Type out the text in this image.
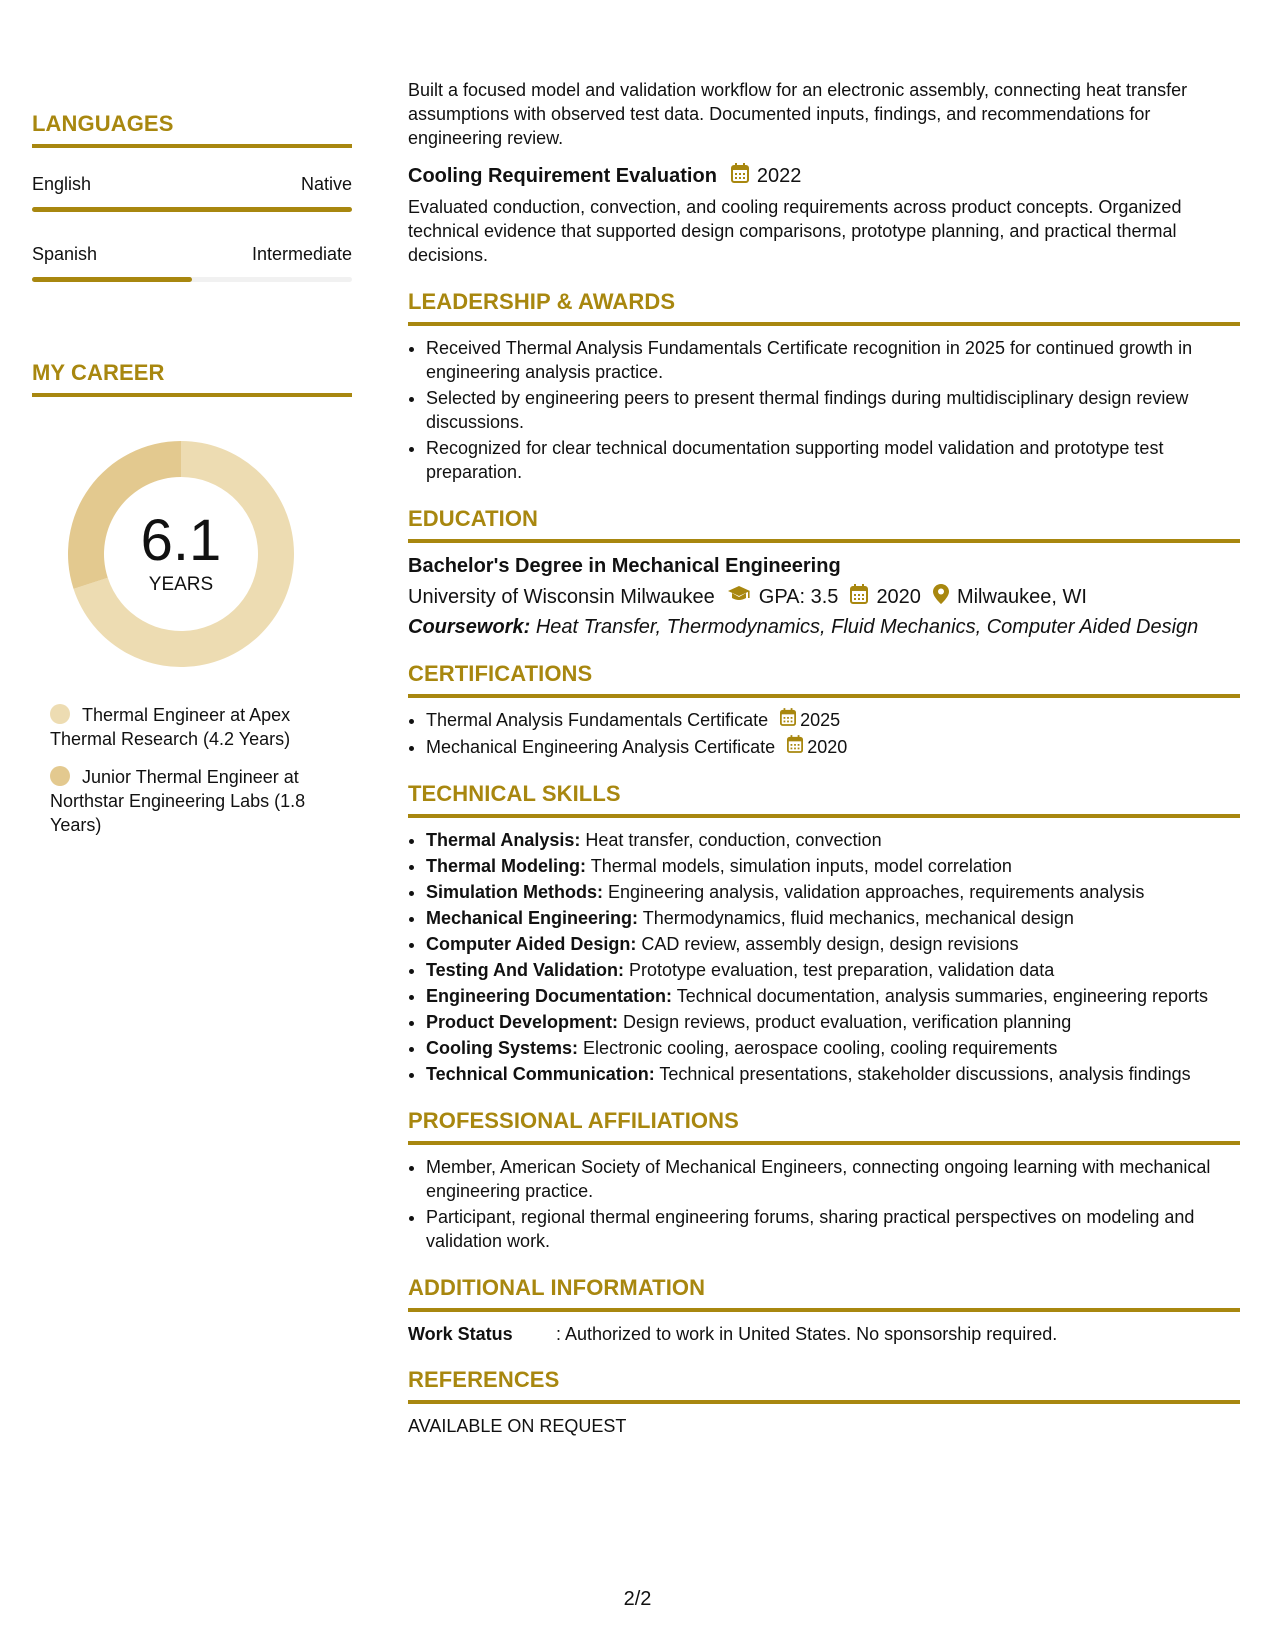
LANGUAGES
English	Native
Spanish	Intermediate
MY CAREER
6.1
YEARS
Thermal Engineer at Apex Thermal Research (4.2 Years)
Junior Thermal Engineer at Northstar Engineering Labs (1.8 Years)

Built a focused model and validation workflow for an electronic assembly, connecting heat transfer assumptions with observed test data. Documented inputs, findings, and recommendations for engineering review.

Cooling Requirement Evaluation 2022

Evaluated conduction, convection, and cooling requirements across product concepts. Organized technical evidence that supported design comparisons, prototype planning, and practical thermal decisions.

LEADERSHIP & AWARDS
• Received Thermal Analysis Fundamentals Certificate recognition in 2025 for continued growth in engineering analysis practice.
• Selected by engineering peers to present thermal findings during multidisciplinary design review discussions.
• Recognized for clear technical documentation supporting model validation and prototype test preparation.
EDUCATION
Bachelor's Degree in Mechanical Engineering
University of Wisconsin Milwaukee GPA: 3.5 2020 Milwaukee, WI
Coursework: Heat Transfer, Thermodynamics, Fluid Mechanics, Computer Aided Design
CERTIFICATIONS
• Thermal Analysis Fundamentals Certificate 2025
• Mechanical Engineering Analysis Certificate 2020
TECHNICAL SKILLS
• Thermal Analysis: Heat transfer, conduction, convection
• Thermal Modeling: Thermal models, simulation inputs, model correlation
• Simulation Methods: Engineering analysis, validation approaches, requirements analysis
• Mechanical Engineering: Thermodynamics, fluid mechanics, mechanical design
• Computer Aided Design: CAD review, assembly design, design revisions
• Testing And Validation: Prototype evaluation, test preparation, validation data
• Engineering Documentation: Technical documentation, analysis summaries, engineering reports
• Product Development: Design reviews, product evaluation, verification planning
• Cooling Systems: Electronic cooling, aerospace cooling, cooling requirements
• Technical Communication: Technical presentations, stakeholder discussions, analysis findings
PROFESSIONAL AFFILIATIONS
• Member, American Society of Mechanical Engineers, connecting ongoing learning with mechanical engineering practice.
• Participant, regional thermal engineering forums, sharing practical perspectives on modeling and validation work.
ADDITIONAL INFORMATION
Work Status	: Authorized to work in United States. No sponsorship required.
REFERENCES
AVAILABLE ON REQUEST
2/2
